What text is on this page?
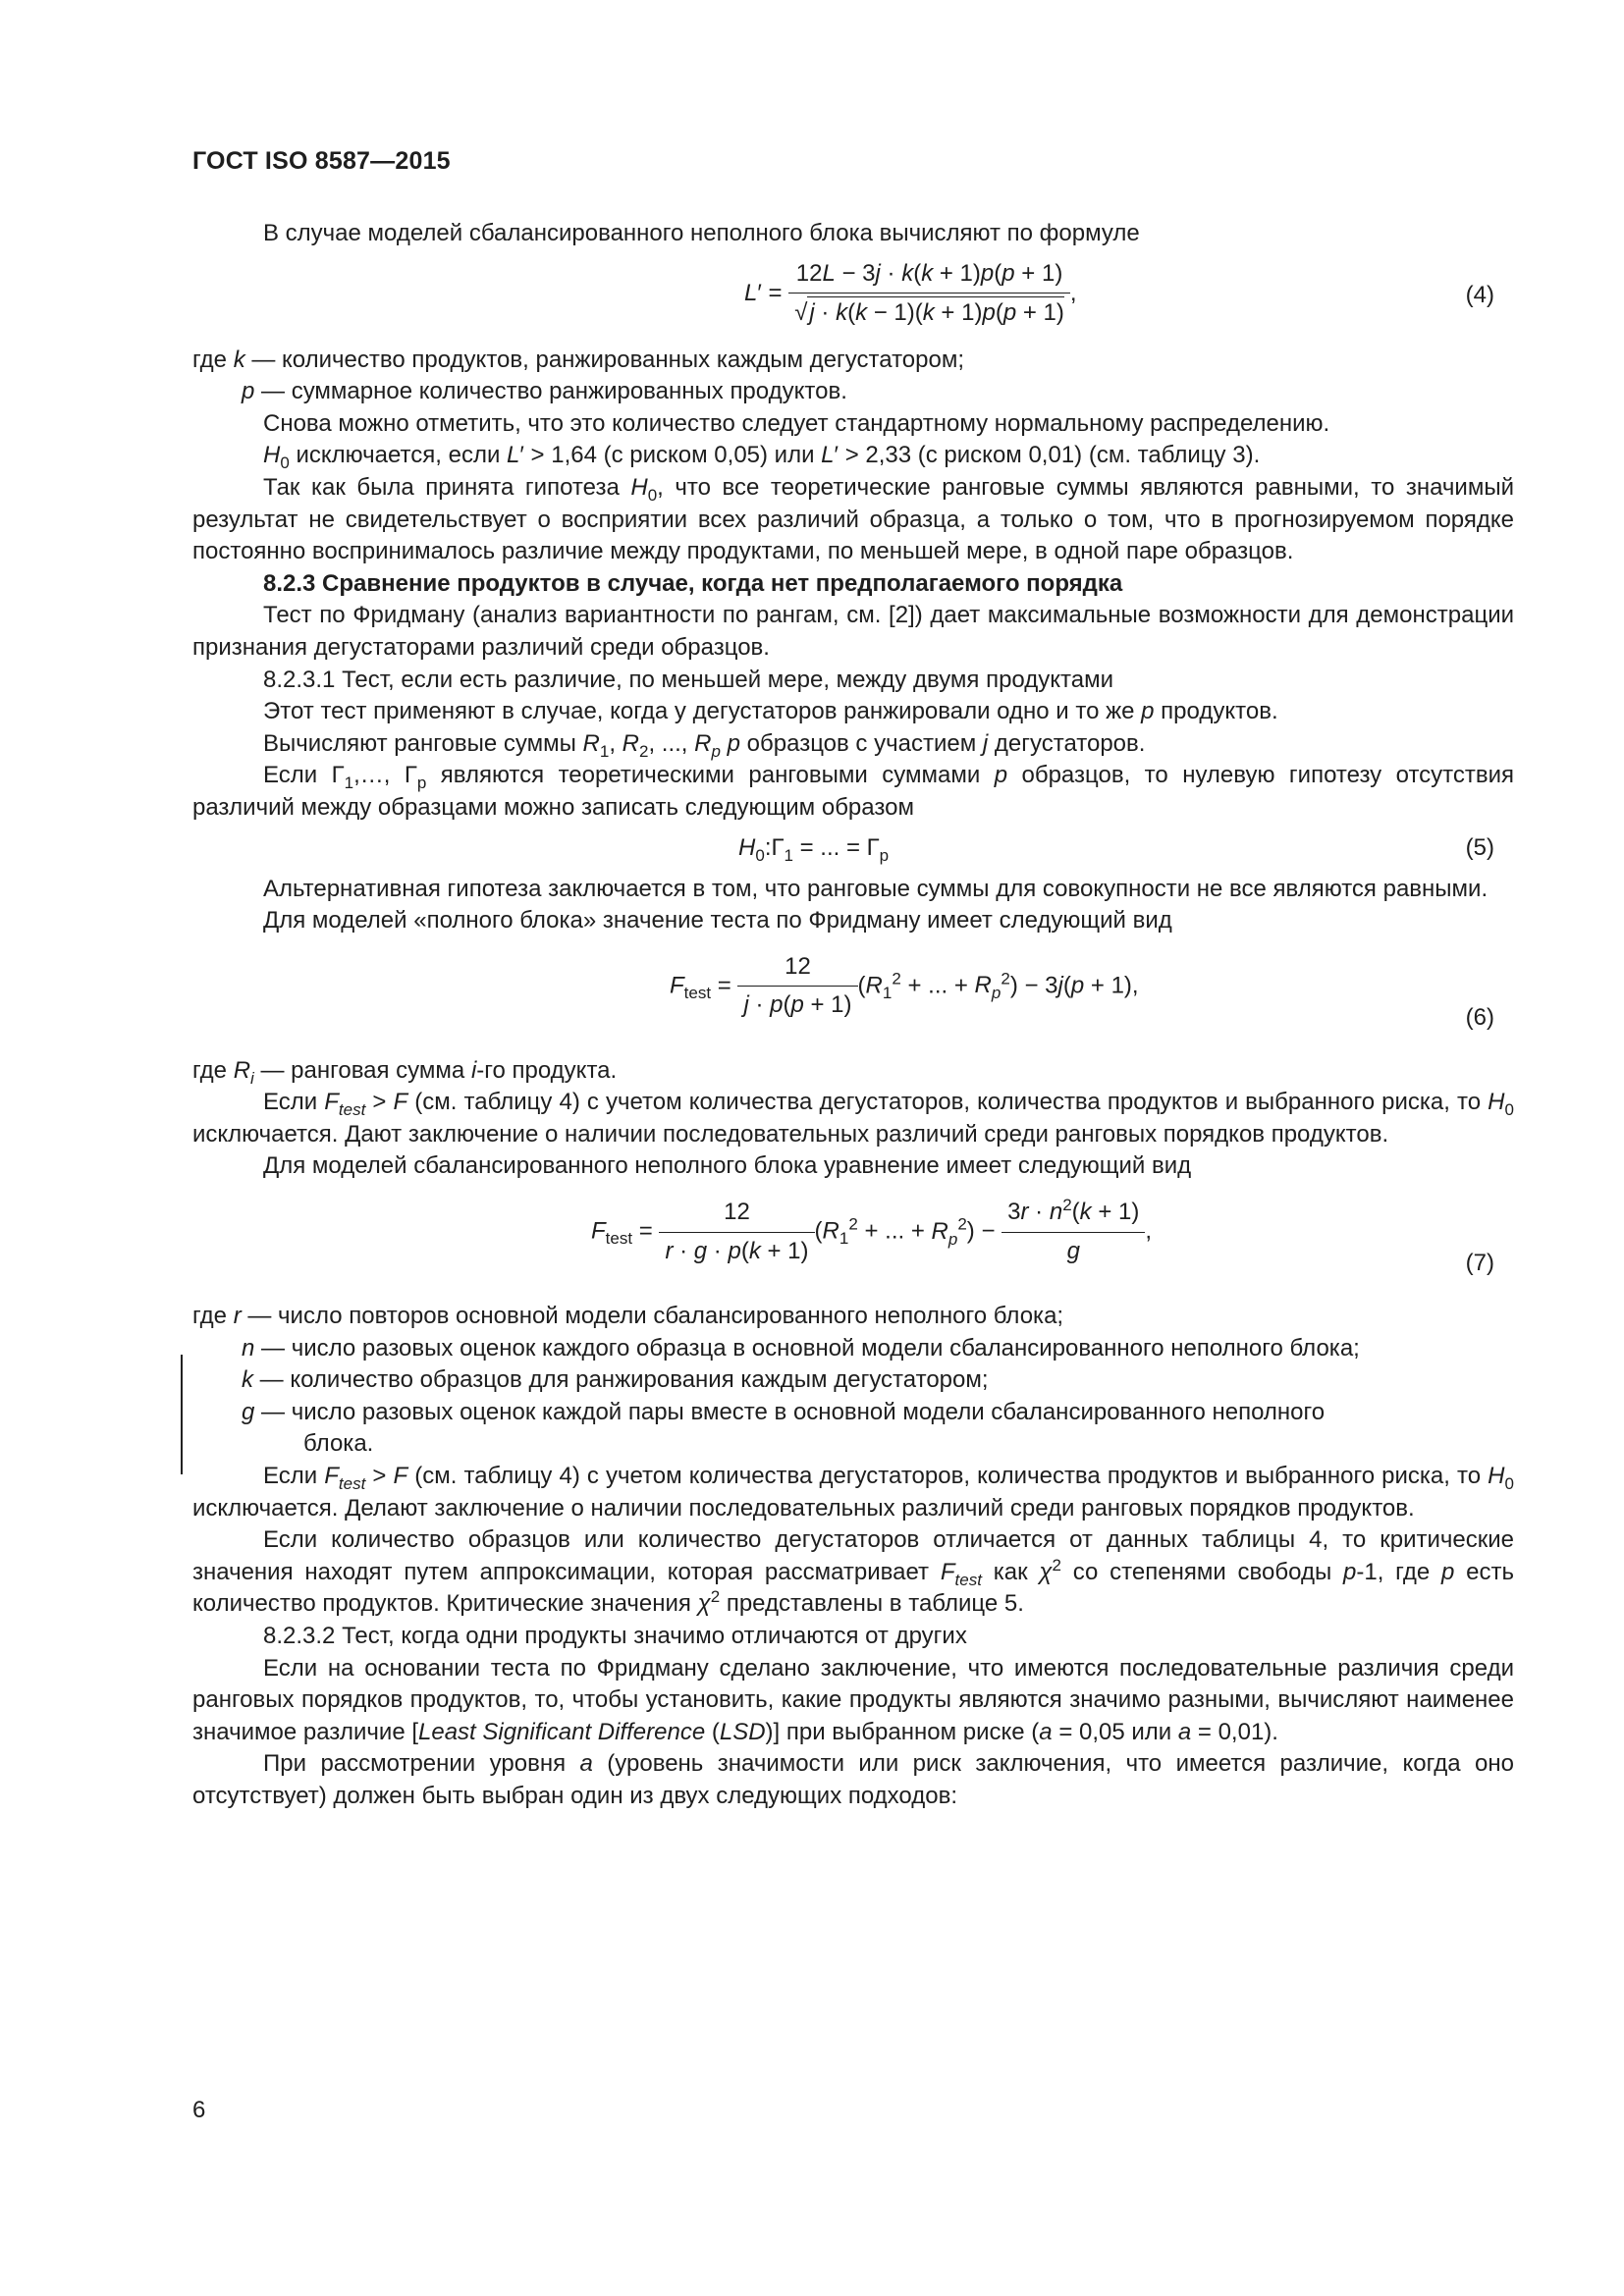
ГОСТ ISO 8587—2015

В случае моделей сбалансированного неполного блока вычисляют по формуле

$L' = \frac{12L - 3j \cdot k(k + 1)p(p + 1)}{√j \cdot k(k - 1)(k + 1)p(p + 1)}$ ,	(4)

где k — количество продуктов, ранжированных каждым дегустатором;

p — суммарное количество ранжированных продуктов.

Снова можно отметить, что это количество следует стандартному нормальному распределению.

$H_0$ исключается, если L′ > 1,64 (с риском 0,05) или L′ > 2,33 (с риском 0,01) (см. таблицу 3).

Так как была принята гипотеза $H_0$, что все теоретические ранговые суммы являются равными, то значимый результат не свидетельствует о восприятии всех различий образца, а только о том, что в прогнозируемом порядке постоянно воспринималось различие между продуктами, по меньшей мере, в одной паре образцов.

8.2.3 Сравнение продуктов в случае, когда нет предполагаемого порядка

Тест по Фридману (анализ вариантности по рангам, см. [2]) дает максимальные возможности для демонстрации признания дегустаторами различий среди образцов.

8.2.3.1 Тест, если есть различие, по меньшей мере, между двумя продуктами

Этот тест применяют в случае, когда у дегустаторов ранжировали одно и то же p продуктов.

Вычисляют ранговые суммы $R_1$, $R_2$, ..., $R_p$ p образцов с участием j дегустаторов.

Если $Г_1,\dots$, $Г_р$ являются теоретическими ранговыми суммами p образцов, то нулевую гипотезу отсутствия различий между образцами можно записать следующим образом

$H_0:Г_1$ = ... = $Г_р$	(5)

Альтернативная гипотеза заключается в том, что ранговые суммы для совокупности не все являются равными.

Для моделей «полного блока» значение теста по Фридману имеет следующий вид

$F_{test} = \frac{12}{j \cdot p(p + 1)} (R_1^2$ + ... + $R_p^2) - 3j(p + 1)$,
(6)

где $R_i$ — ранговая сумма i-го продукта.

Если $F_{test} > F$ (см. таблицу 4) с учетом количества дегустаторов, количества продуктов и выбранного риска, то $H_0$ исключается. Дают заключение о наличии последовательных различий среди ранговых порядков продуктов.

Для моделей сбалансированного неполного блока уравнение имеет следующий вид

$F_{test} = \frac{12}{r \cdot g \cdot p(k + 1)} (R_1^2$ + ... + $R_p^2) - \frac{3r \cdot n^2(k + 1)}{g}$ ,
(7)

где r — число повторов основной модели сбалансированного неполного блока;

n — число разовых оценок каждого образца в основной модели сбалансированного неполного блока;

k — количество образцов для ранжирования каждым дегустатором;

g — число разовых оценок каждой пары вместе в основной модели сбалансированного неполного

блока.

Если $F_{test} > F$ (см. таблицу 4) с учетом количества дегустаторов, количества продуктов и выбранного риска, то $H_0$ исключается. Делают заключение о наличии последовательных различий среди ранговых порядков продуктов.

Если количество образцов или количество дегустаторов отличается от данных таблицы 4, то критические значения находят путем аппроксимации, которая рассматривает $F_{test}$ как $\chi^2$ со степенями свободы p-1, где p есть количество продуктов. Критические значения $\chi^2$ представлены в таблице 5.

8.2.3.2 Тест, когда одни продукты значимо отличаются от других

Если на основании теста по Фридману сделано заключение, что имеются последовательные различия среди ранговых порядков продуктов, то, чтобы установить, какие продукты являются значимо разными, вычисляют наименее значимое различие [Least Significant Difference (LSD)] при выбранном риске (a = 0,05 или a = 0,01).

При рассмотрении уровня a (уровень значимости или риск заключения, что имеется различие, когда оно отсутствует) должен быть выбран один из двух следующих подходов:

6
